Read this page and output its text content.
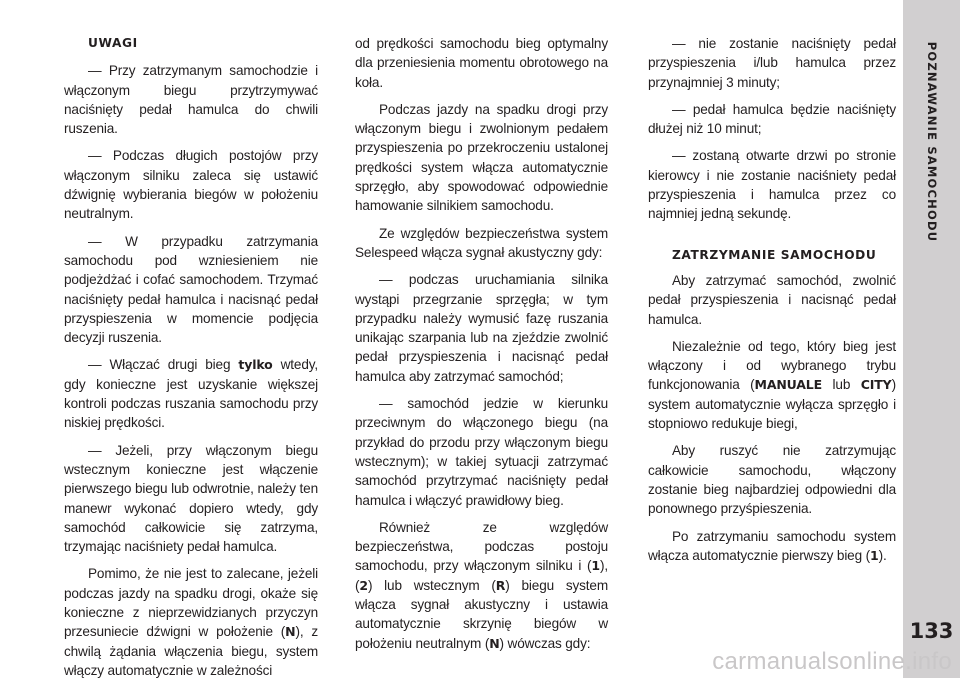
UWAGI

— Przy zatrzymanym samochodzie i włączonym biegu przytrzymywać naciśnięty pedał hamulca do chwili ruszenia.

— Podczas długich postojów przy włączonym silniku zaleca się ustawić dźwignię wybierania biegów w położeniu neutralnym.

— W przypadku zatrzymania samochodu pod wzniesieniem nie podjeżdżać i cofać samochodem. Trzymać naciśnięty pedał hamulca i nacisnąć pedał przyspieszenia w momencie podjęcia decyzji ruszenia.

— Włączać drugi bieg tylko wtedy, gdy konieczne jest uzyskanie większej kontroli podczas ruszania samochodu przy niskiej prędkości.

— Jeżeli, przy włączonym biegu wstecznym konieczne jest włączenie pierwszego biegu lub odwrotnie, należy ten manewr wykonać dopiero wtedy, gdy samochód całkowicie się zatrzyma, trzymając naciśniety pedał hamulca.

Pomimo, że nie jest to zalecane, jeżeli podczas jazdy na spadku drogi, okaże się konieczne z nieprzewidzianych przyczyn przesuniecie dźwigni w położenie (N), z chwilą żądania włączenia biegu, system włączy automatycznie w zależności

od prędkości samochodu bieg optymalny dla przeniesienia momentu obrotowego na koła.

Podczas jazdy na spadku drogi przy włączonym biegu i zwolnionym pedałem przyspieszenia po przekroczeniu ustalonej prędkości system włącza automatycznie sprzęgło, aby spowodować odpowiednie hamowanie silnikiem samochodu.

Ze względów bezpieczeństwa system Selespeed włącza sygnał akustyczny gdy:

— podczas uruchamiania silnika wystąpi przegrzanie sprzęgła; w tym przypadku należy wymusić fazę ruszania unikając szarpania lub na zjeździe zwolnić pedał przyspieszenia i nacisnąć pedał hamulca aby zatrzymać samochód;

— samochód jedzie w kierunku przeciwnym do włączonego biegu (na przykład do przodu przy włączonym biegu wstecznym); w takiej sytuacji zatrzymać samochód przytrzymać naciśnięty pedał hamulca i włączyć prawidłowy bieg.

Również ze względów bezpieczeństwa, podczas postoju samochodu, przy włączonym silniku i (1), (2) lub wstecznym (R) biegu system włącza sygnał akustyczny i ustawia automatycznie skrzynię biegów w położeniu neutralnym (N) wówczas gdy:

— nie zostanie naciśnięty pedał przyspieszenia i/lub hamulca przez przynajmniej 3 minuty;

— pedał hamulca będzie naciśnięty dłużej niż 10 minut;

— zostaną otwarte drzwi po stronie kierowcy i nie zostanie naciśniety pedał przyspieszenia i hamulca przez co najmniej jedną sekundę.

ZATRZYMANIE SAMOCHODU

Aby zatrzymać samochód, zwolnić pedał przyspieszenia i nacisnąć pedał hamulca.

Niezależnie od tego, który bieg jest włączony i od wybranego trybu funkcjonowania (MANUALE lub CITY) system automatycznie wyłącza sprzęgło i stopniowo redukuje biegi,

Aby ruszyć nie zatrzymując całkowicie samochodu, włączony zostanie bieg najbardziej odpowiedni dla ponownego przyśpieszenia.

Po zatrzymaniu samochodu system włącza automatycznie pierwszy bieg (1).

POZNAWANIE SAMOCHODU
133
carmanualsonline.info
